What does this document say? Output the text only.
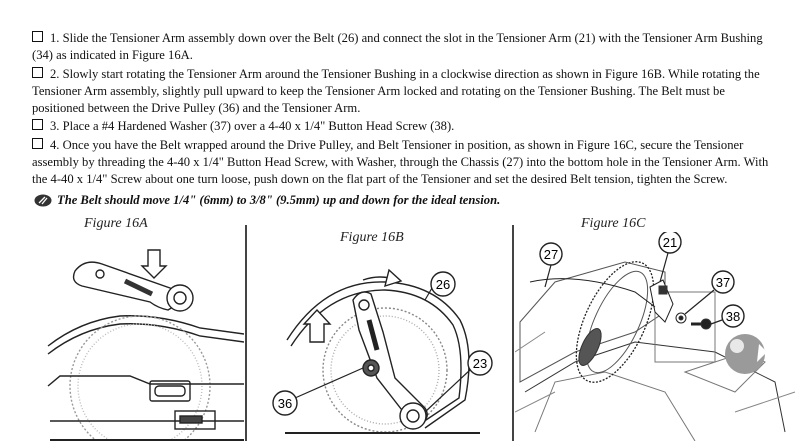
1. Slide the Tensioner Arm assembly down over the Belt (26) and connect the slot in the Tensioner Arm (21) with the Tensioner Arm Bushing (34) as indicated in Figure 16A.

2. Slowly start rotating the Tensioner Arm around the Tensioner Bushing in a clockwise direction as shown in Figure 16B. While rotating the Tensioner Arm assembly, slightly pull upward to keep the Tensioner Arm locked and rotating on the Tensioner Bushing. The Belt must be positioned between the Drive Pulley (36) and the Tensioner Arm.

3. Place a #4 Hardened Washer (37) over a 4-40 x 1/4" Button Head Screw (38).

4. Once you have the Belt wrapped around the Drive Pulley, and Belt Tensioner in position, as shown in Figure 16C, secure the Tensioner assembly by threading the 4-40 x 1/4" Button Head Screw, with Washer, through the Chassis (27) into the bottom hole in the Tensioner Arm. With the 4-40 x 1/4" Screw about one turn loose, push down on the flat part of the Tensioner and set the desired Belt tension, tighten the Screw.

The Belt should move 1/4" (6mm) to 3/8" (9.5mm) up and down for the ideal tension.
Figure 16A
Figure 16B
Figure 16C
26
23
36
27
21
37
38
